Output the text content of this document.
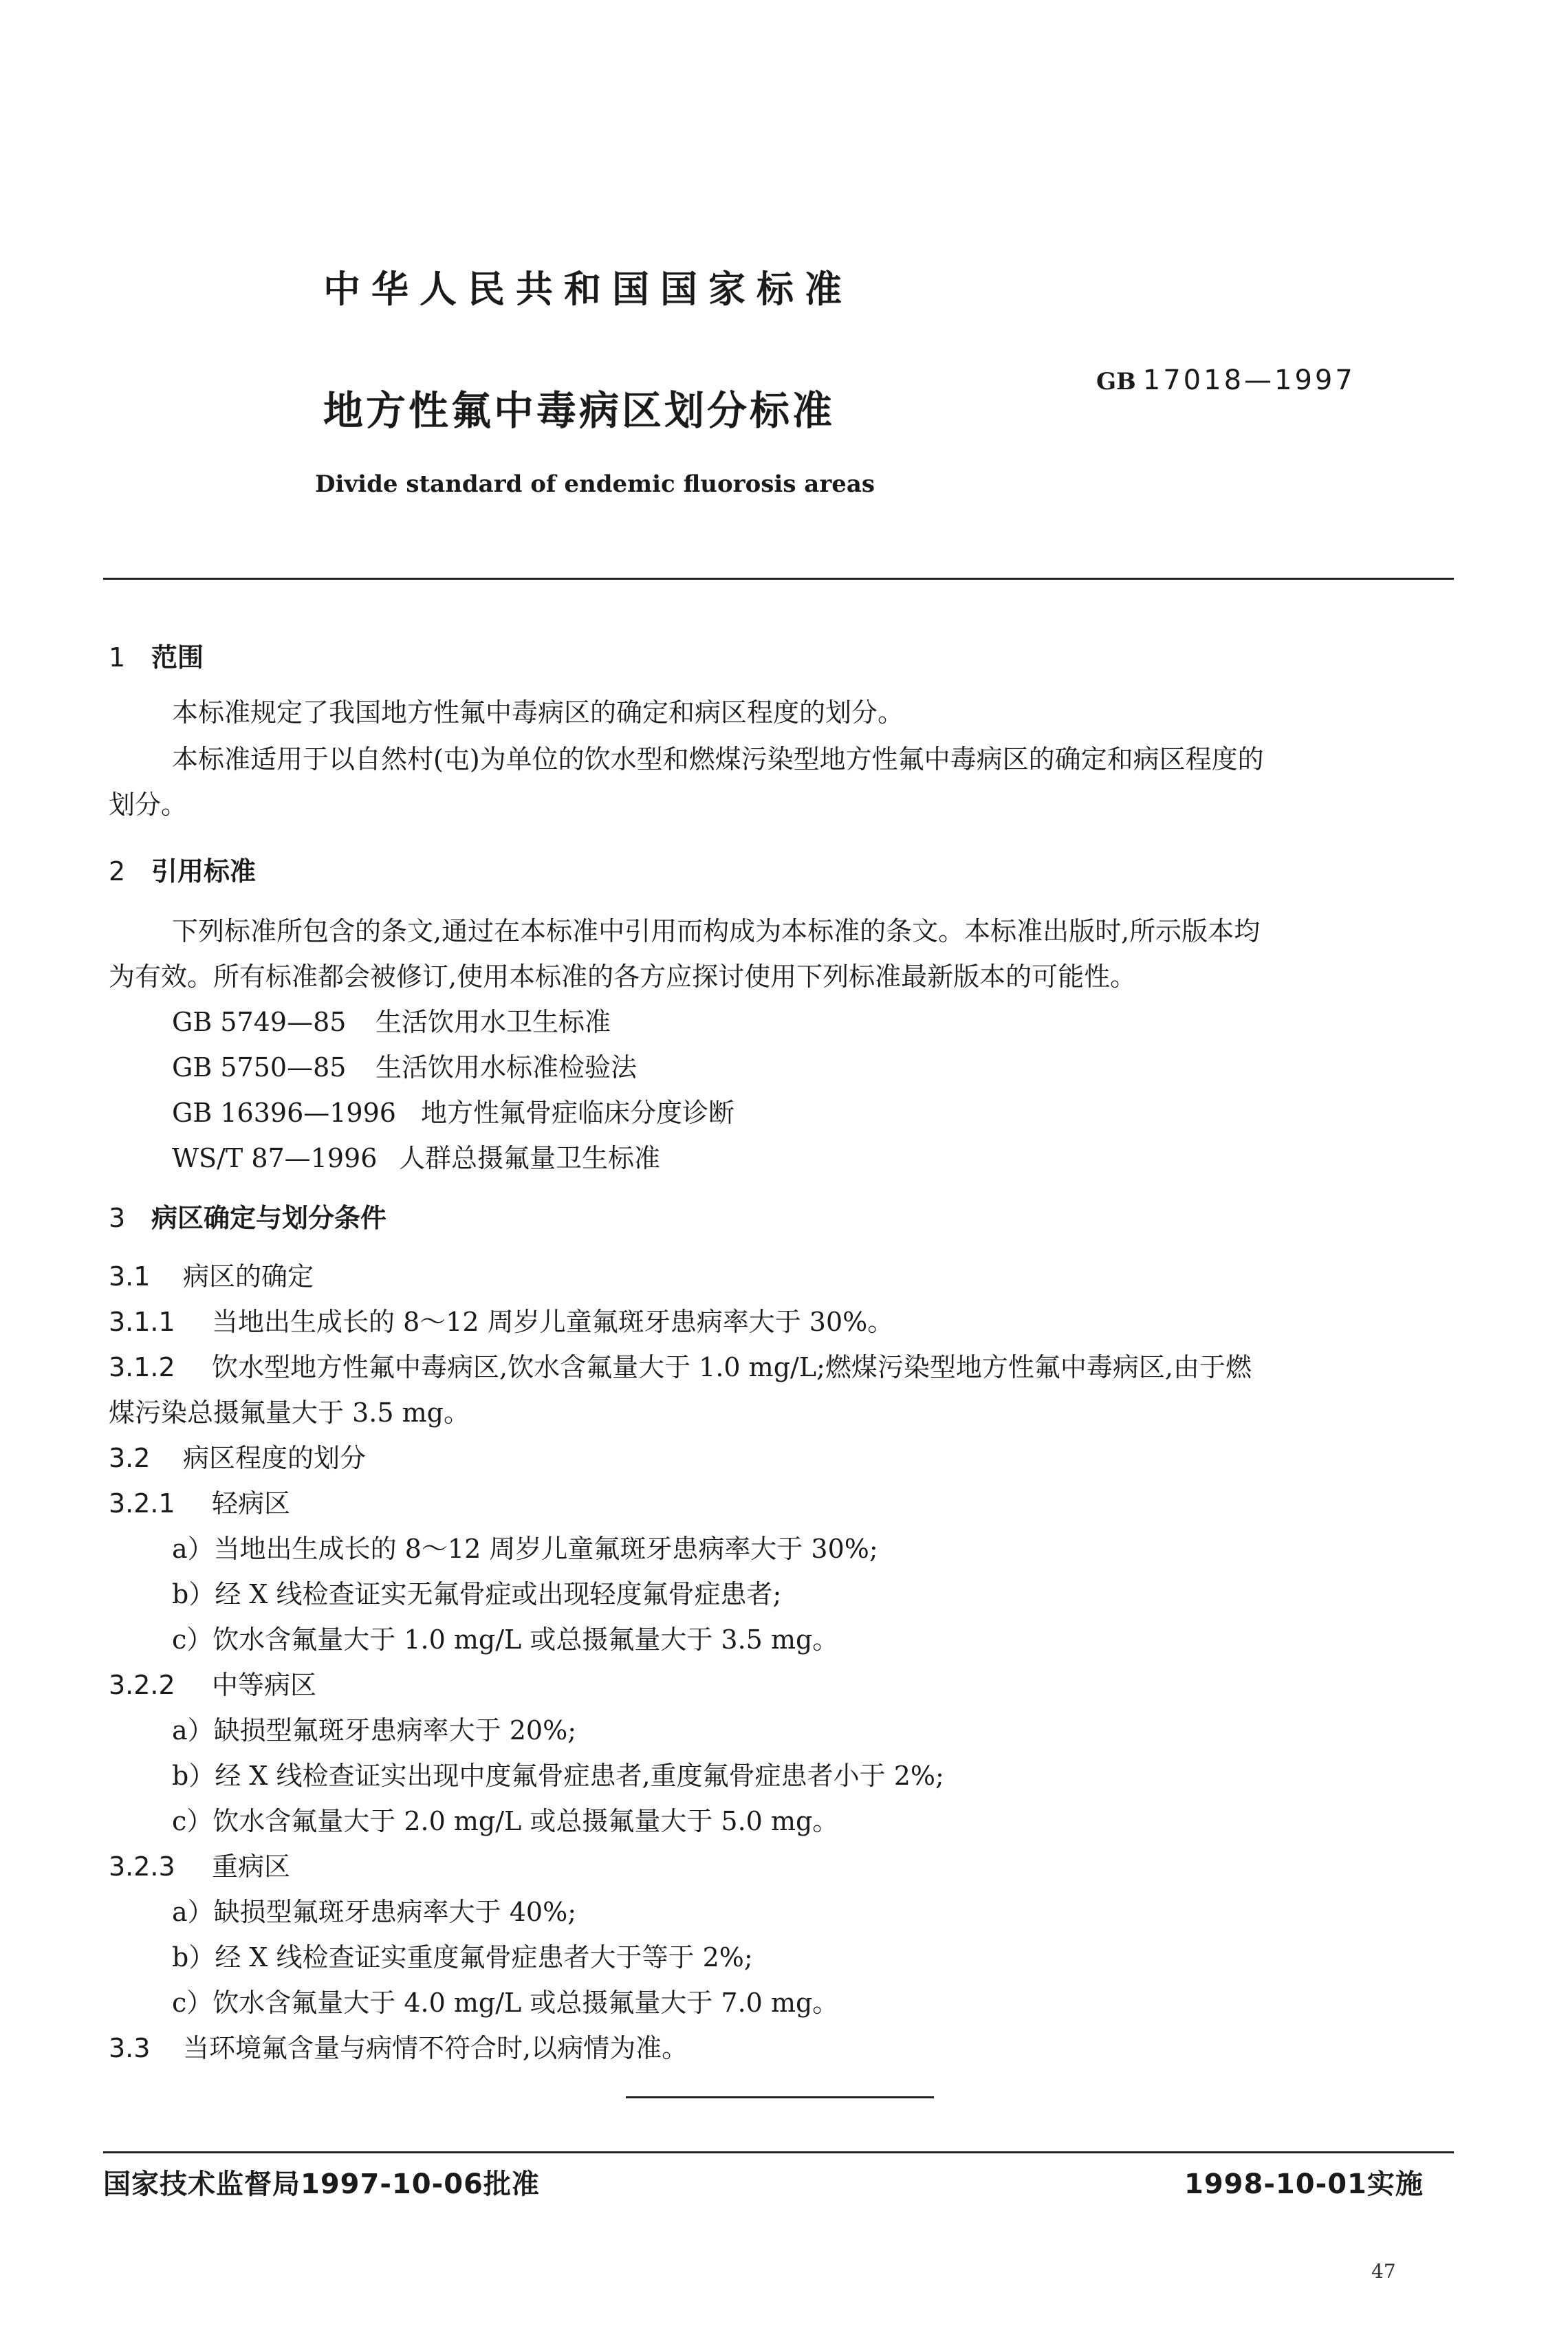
中华人民共和国国家标准
地方性氟中毒病区划分标准
GB 17018—1997
Divide standard of endemic fluorosis areas
1 范围
本标准规定了我国地方性氟中毒病区的确定和病区程度的划分。
本标准适用于以自然村(屯)为单位的饮水型和燃煤污染型地方性氟中毒病区的确定和病区程度的
划分。
2 引用标准
下列标准所包含的条文,通过在本标准中引用而构成为本标准的条文。本标准出版时,所示版本均
为有效。所有标准都会被修订,使用本标准的各方应探讨使用下列标准最新版本的可能性。
GB 5749—85 生活饮用水卫生标准
GB 5750—85 生活饮用水标准检验法
GB 16396—1996 地方性氟骨症临床分度诊断
WS/T 87—1996 人群总摄氟量卫生标准
3 病区确定与划分条件
3.1 病区的确定
3.1.1 当地出生成长的 8～12 周岁儿童氟斑牙患病率大于 30%。
3.1.2 饮水型地方性氟中毒病区,饮水含氟量大于 1.0 mg/L;燃煤污染型地方性氟中毒病区,由于燃
煤污染总摄氟量大于 3.5 mg。
3.2 病区程度的划分
3.2.1 轻病区
a）当地出生成长的 8～12 周岁儿童氟斑牙患病率大于 30%;
b）经 X 线检查证实无氟骨症或出现轻度氟骨症患者;
c）饮水含氟量大于 1.0 mg/L 或总摄氟量大于 3.5 mg。
3.2.2 中等病区
a）缺损型氟斑牙患病率大于 20%;
b）经 X 线检查证实出现中度氟骨症患者,重度氟骨症患者小于 2%;
c）饮水含氟量大于 2.0 mg/L 或总摄氟量大于 5.0 mg。
3.2.3 重病区
a）缺损型氟斑牙患病率大于 40%;
b）经 X 线检查证实重度氟骨症患者大于等于 2%;
c）饮水含氟量大于 4.0 mg/L 或总摄氟量大于 7.0 mg。
3.3 当环境氟含量与病情不符合时,以病情为准。
国家技术监督局1997-10-06批准	1998-10-01实施
47
